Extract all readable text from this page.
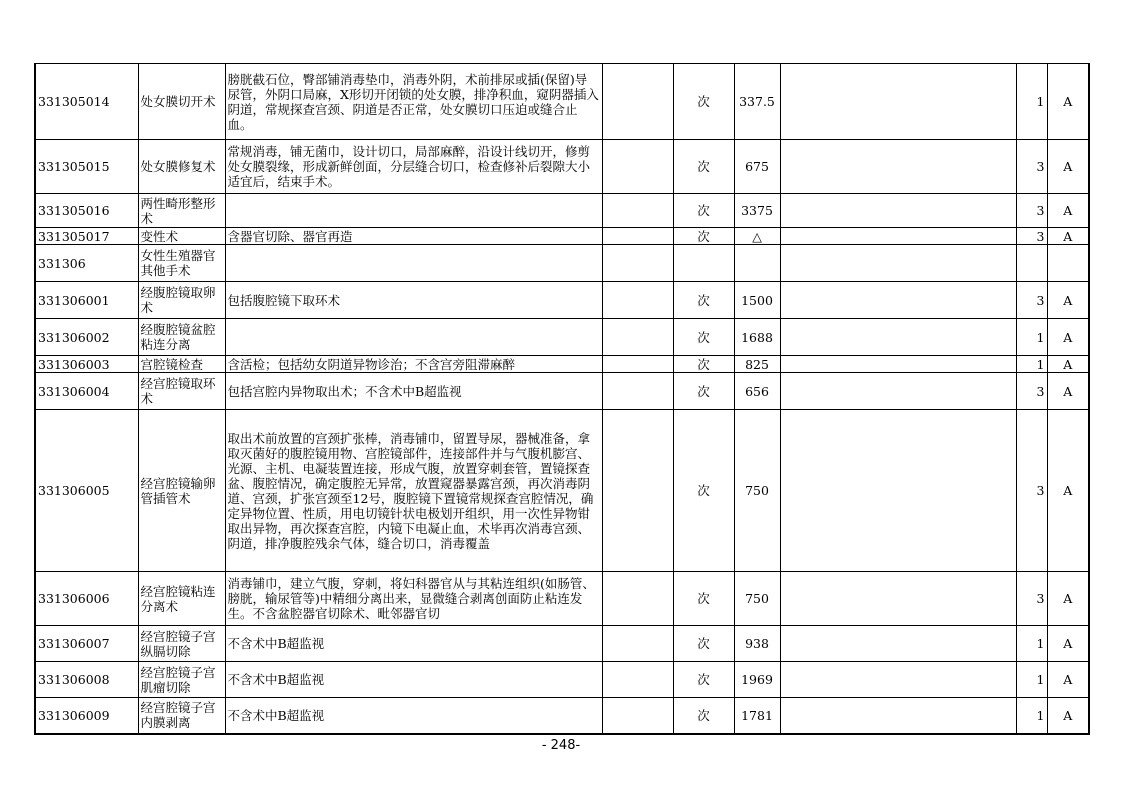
331305014	处女膜切开术	膀胱截石位，臀部铺消毒垫巾，消毒外阴，术前排尿或插(保留)导尿管，外阴口局麻，X形切开闭锁的处女膜，排净积血，窥阴器插入阴道，常规探查宫颈、阴道是否正常，处女膜切口压迫或缝合止血。		次	337.5		1	A
331305015	处女膜修复术	常规消毒，铺无菌巾，设计切口，局部麻醉，沿设计线切开，修剪处女膜裂缘，形成新鲜创面，分层缝合切口，检查修补后裂隙大小适宜后，结束手术。		次	675		3	A
331305016	两性畸形整形术			次	3375		3	A
331305017	变性术	含器官切除、器官再造		次	△		3	A
331306	女性生殖器官其他手术							
331306001	经腹腔镜取卵术	包括腹腔镜下取环术		次	1500		3	A
331306002	经腹腔镜盆腔粘连分离			次	1688		1	A
331306003	宫腔镜检查	含活检；包括幼女阴道异物诊治；不含宫旁阻滞麻醉		次	825		1	A
331306004	经宫腔镜取环术	包括宫腔内异物取出术；不含术中B超监视		次	656		3	A
331306005	经宫腔镜输卵管插管术	取出术前放置的宫颈扩张棒，消毒铺巾，留置导尿，器械准备，拿取灭菌好的腹腔镜用物、宫腔镜部件，连接部件并与气腹机膨宫、光源、主机、电凝装置连接，形成气腹，放置穿刺套管，置镜探查盆、腹腔情况，确定腹腔无异常，放置窥器暴露宫颈，再次消毒阴道、宫颈，扩张宫颈至12号，腹腔镜下置镜常规探查宫腔情况，确定异物位置、性质，用电切镜针状电极划开组织，用一次性异物钳取出异物，再次探查宫腔，内镜下电凝止血，术毕再次消毒宫颈、阴道，排净腹腔残余气体，缝合切口，消毒覆盖		次	750		3	A
331306006	经宫腔镜粘连分离术	消毒铺巾，建立气腹，穿刺，将妇科器官从与其粘连组织(如肠管、膀胱，输尿管等)中精细分离出来，显微缝合剥离创面防止粘连发生。不含盆腔器官切除术、毗邻器官切		次	750		3	A
331306007	经宫腔镜子宫纵膈切除	不含术中B超监视		次	938		1	A
331306008	经宫腔镜子宫肌瘤切除	不含术中B超监视		次	1969		1	A
331306009	经宫腔镜子宫内膜剥离	不含术中B超监视		次	1781		1	A
- 248-
